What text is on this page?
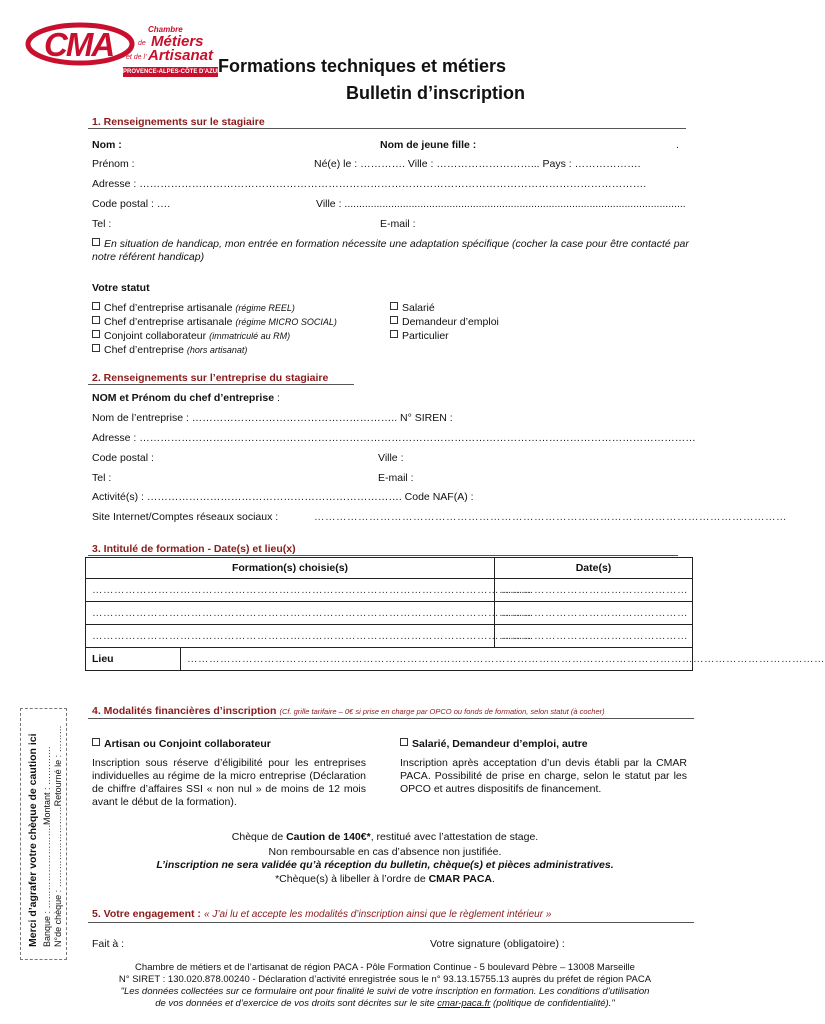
CMA	Chambre
de Métiers
et de l' Artisanat
PROVENCE-ALPES-CÔTE D'AZUR
Formations techniques et métiers
Bulletin d’inscription
1. Renseignements sur le stagiaire
Nom :	Nom de jeune fille :	.
Prénom :	Né(e) le : …………. Ville : ………………………... Pays : ……………….
Adresse : ……………………………………………………………………………………………………………………………….
Code postal : ….	Ville : .....................................................................................................................
Tel :	E-mail :
En situation de handicap, mon entrée en formation nécessite une adaptation spécifique (cocher la case pour être contacté par notre référent handicap)
Votre statut
Chef d’entreprise artisanale (régime REEL)
Chef d’entreprise artisanale (régime MICRO SOCIAL)
Conjoint collaborateur (immatriculé au RM)
Chef d’entreprise (hors artisanat)
Salarié
Demandeur d’emploi
Particulier
2. Renseignements sur l’entreprise du stagiaire
NOM et Prénom du chef d’entreprise :
Nom de l’entreprise : ………………………………………………….. N° SIREN :
Adresse : ……………………………………………………………………………………………………………………………………………
Code postal :	Ville :
Tel :	E-mail :
Activité(s) : ………………………………………………………………. Code NAF(A) :
Site Internet/Comptes réseaux sociaux :	…………………………………………………………………………………………………………………
3. Intitulé de formation - Date(s) et lieu(x)
Formation(s) choisie(s)		Date(s)

…………………………………………………………………………………………………………		……………………………………………

…………………………………………………………………………………………………………		……………………………………………

…………………………………………………………………………………………………………		……………………………………………

Lieu	…………………………………………………………………………………………………………………………………………………………	
Merci d’agrafer votre chèque de caution ici Banque : ……………………….Montant : …………. N°de chèque : ………………………Retourné le : ………
4. Modalités financières d’inscription (Cf. grille tarifaire – 0€ si prise en charge par OPCO ou fonds de formation, selon statut (à cocher)
Artisan ou Conjoint collaborateur	Salarié, Demandeur d’emploi, autre
Inscription sous réserve d’éligibilité pour les entreprises individuelles au régime de la micro entreprise (Déclaration de chiffre d’affaires SSI « non nul » de moins de 12 mois avant le début de la formation).
Inscription après acceptation d’un devis établi par la CMAR PACA. Possibilité de prise en charge, selon le statut par les OPCO et autres dispositifs de financement.
Chèque de Caution de 140€*, restitué avec l’attestation de stage.
Non remboursable en cas d’absence non justifiée.
L’inscription ne sera validée qu’à réception du bulletin, chèque(s) et pièces administratives.
*Chèque(s) à libeller à l’ordre de CMAR PACA.
5. Votre engagement : « J’ai lu et accepte les modalités d’inscription ainsi que le règlement intérieur »
Fait à :	Votre signature (obligatoire) :
Chambre de métiers et de l’artisanat de région PACA - Pôle Formation Continue - 5 boulevard Pèbre – 13008 Marseille
N° SIRET : 130.020.878.00240 - Déclaration d’activité enregistrée sous le n° 93.13.15755.13 auprès du préfet de région PACA
"Les données collectées sur ce formulaire ont pour finalité le suivi de votre inscription en formation. Les conditions d’utilisation
de vos données et d’exercice de vos droits sont décrites sur le site cmar-paca.fr (politique de confidentialité)."
